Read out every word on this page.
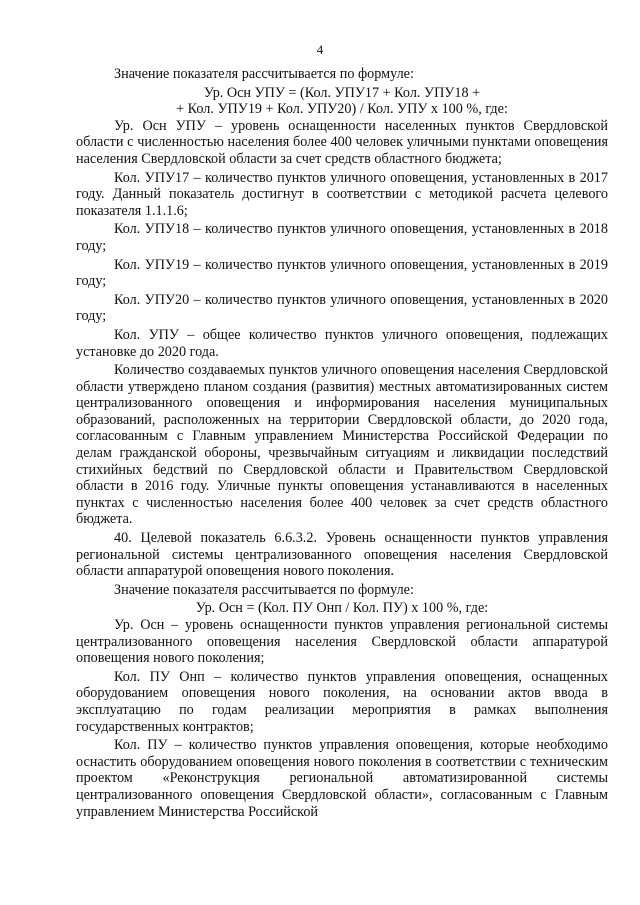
4

Значение показателя рассчитывается по формуле:

Ур. Осн УПУ = (Кол. УПУ17 + Кол. УПУ18 +

+ Кол. УПУ19 + Кол. УПУ20) / Кол. УПУ х 100 %, где:

Ур. Осн УПУ – уровень оснащенности населенных пунктов Свердловской области с численностью населения более 400 человек уличными пунктами оповещения населения Свердловской области за счет средств областного бюджета;

Кол. УПУ17 – количество пунктов уличного оповещения, установленных в 2017 году. Данный показатель достигнут в соответствии с методикой расчета целевого показателя 1.1.1.6;

Кол. УПУ18 – количество пунктов уличного оповещения, установленных в 2018 году;

Кол. УПУ19 – количество пунктов уличного оповещения, установленных в 2019 году;

Кол. УПУ20 – количество пунктов уличного оповещения, установленных в 2020 году;

Кол. УПУ – общее количество пунктов уличного оповещения, подлежащих установке до 2020 года.

Количество создаваемых пунктов уличного оповещения населения Свердловской области утверждено планом создания (развития) местных автоматизированных систем централизованного оповещения и информирования населения муниципальных образований, расположенных на территории Свердловской области, до 2020 года, согласованным с Главным управлением Министерства Российской Федерации по делам гражданской обороны, чрезвычайным ситуациям и ликвидации последствий стихийных бедствий по Свердловской области и Правительством Свердловской области в 2016 году. Уличные пункты оповещения устанавливаются в населенных пунктах с численностью населения более 400 человек за счет средств областного бюджета.

40. Целевой показатель 6.6.3.2. Уровень оснащенности пунктов управления региональной системы централизованного оповещения населения Свердловской области аппаратурой оповещения нового поколения.

Значение показателя рассчитывается по формуле:

Ур. Осн = (Кол. ПУ Онп / Кол. ПУ) х 100 %, где:

Ур. Осн – уровень оснащенности пунктов управления региональной системы централизованного оповещения населения Свердловской области аппаратурой оповещения нового поколения;

Кол. ПУ Онп – количество пунктов управления оповещения, оснащенных оборудованием оповещения нового поколения, на основании актов ввода в эксплуатацию по годам реализации мероприятия в рамках выполнения государственных контрактов;

Кол. ПУ – количество пунктов управления оповещения, которые необходимо оснастить оборудованием оповещения нового поколения в соответствии с техническим проектом «Реконструкция региональной автоматизированной системы централизованного оповещения Свердловской области», согласованным с Главным управлением Министерства Российской
